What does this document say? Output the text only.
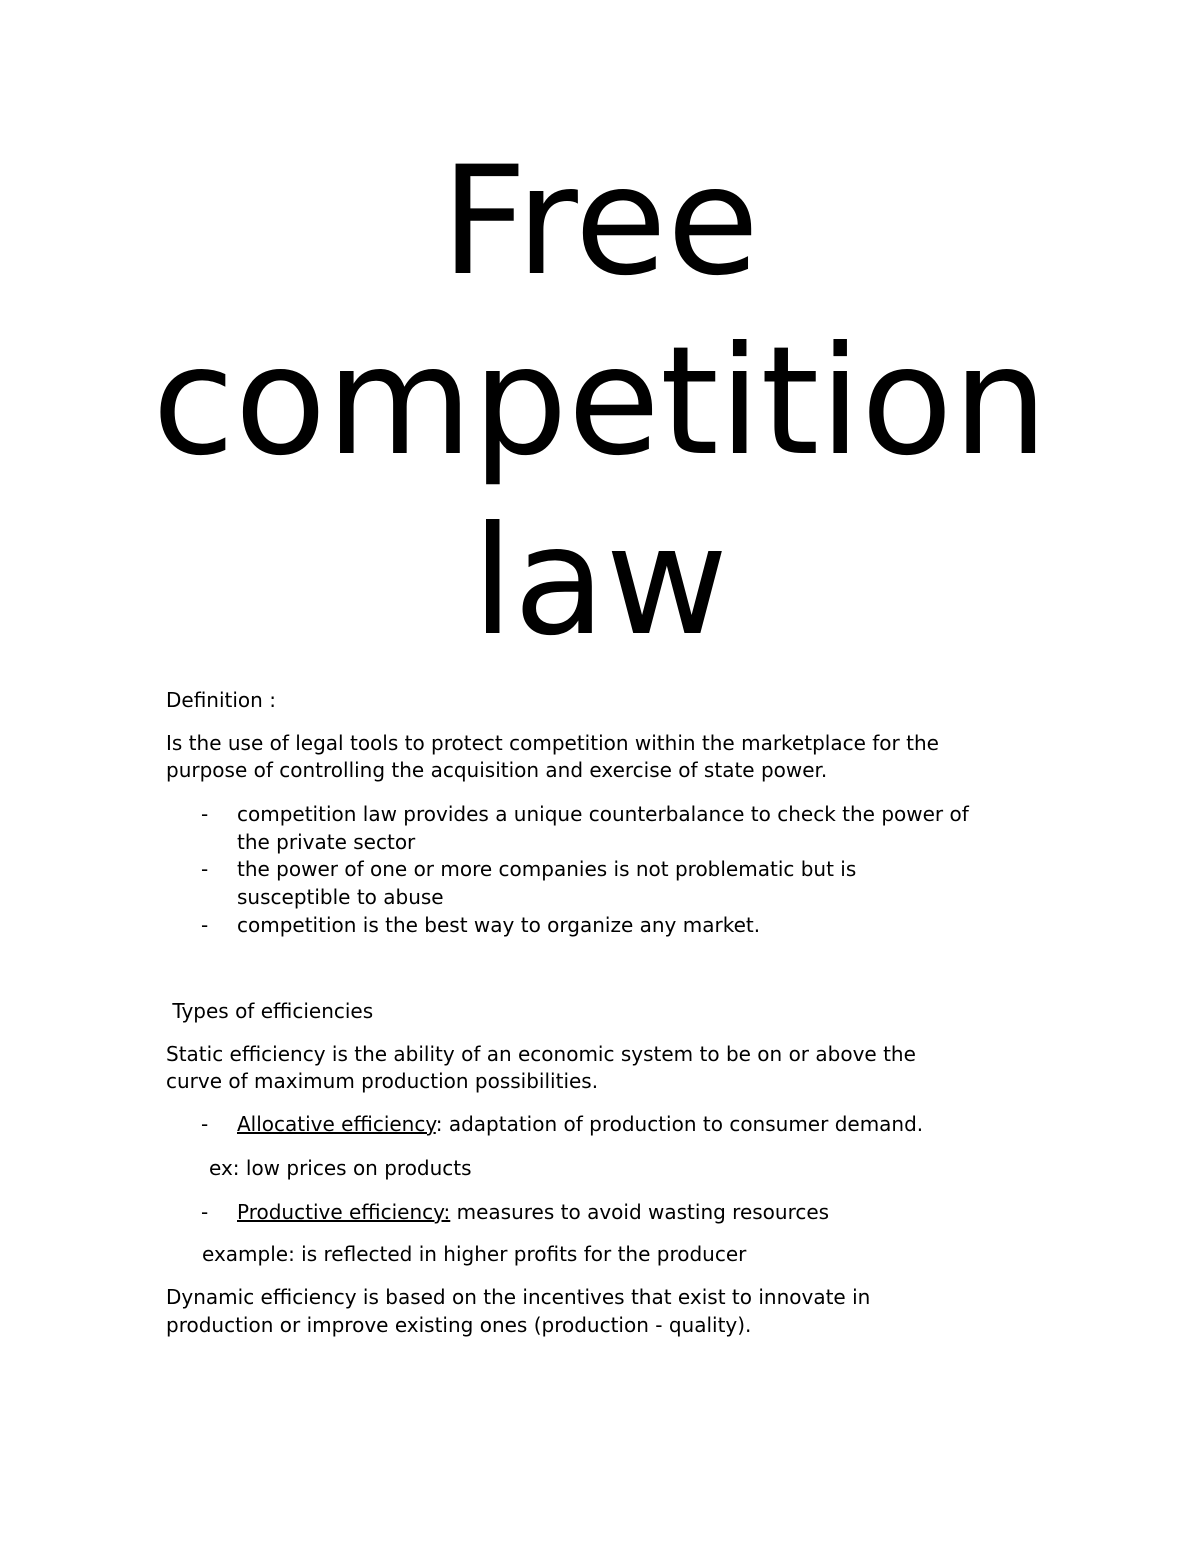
Free
competition
law
Definition :
Is the use of legal tools to protect competition within the marketplace for the
purpose of controlling the acquisition and exercise of state power.
- competition law provides a unique counterbalance to check the power of
the private sector
- the power of one or more companies is not problematic but is
susceptible to abuse
- competition is the best way to organize any market.
Types of efficiencies
Static efficiency is the ability of an economic system to be on or above the
curve of maximum production possibilities.
- Allocative efficiency: adaptation of production to consumer demand.
ex: low prices on products
- Productive efficiency: measures to avoid wasting resources
example: is reflected in higher profits for the producer
Dynamic efficiency is based on the incentives that exist to innovate in
production or improve existing ones (production - quality).
